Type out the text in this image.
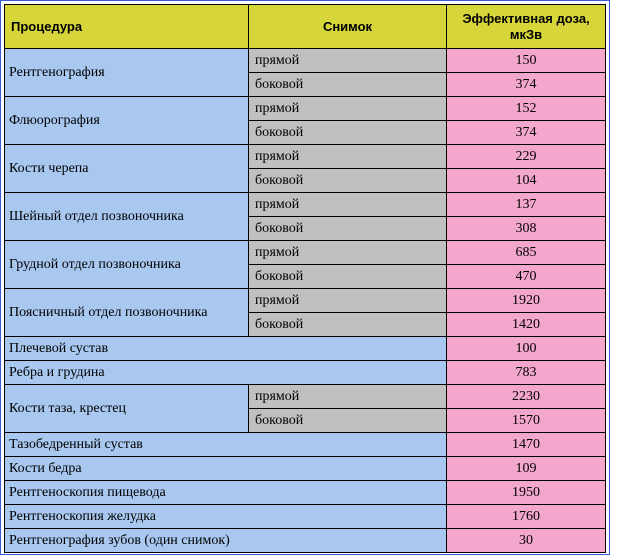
Процедура	Снимок	Эффективная доза, мкЗв
Рентгенография	прямой	150
	боковой	374
Флюорография	прямой	152
	боковой	374
Кости черепа	прямой	229
	боковой	104
Шейный отдел позвоночника	прямой	137
	боковой	308
Грудной отдел позвоночника	прямой	685
	боковой	470
Поясничный отдел позвоночника	прямой	1920
	боковой	1420
Плечевой сустав		100
Ребра и грудина		783
Кости таза, крестец	прямой	2230
	боковой	1570
Тазобедренный сустав		1470
Кости бедра		109
Рентгеноскопия пищевода		1950
Рентгеноскопия желудка		1760
Рентгенография зубов (один снимок)		30
